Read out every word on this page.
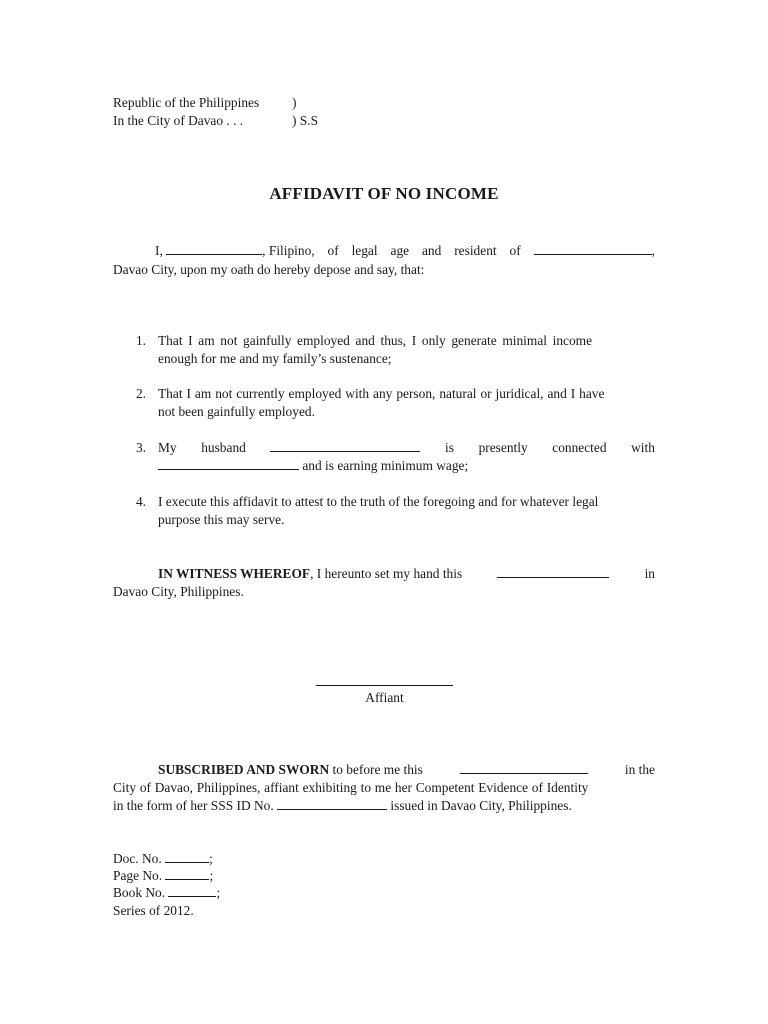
Republic of the Philippines )
In the City of Davao . . .	) S.S
AFFIDAVIT OF NO INCOME
I,	, Filipino, of legal age and resident of	,
Davao City, upon my oath do hereby depose and say, that:
1. That I am not gainfully employed and thus, I only generate minimal income
enough for me and my family’s sustenance;
2. That I am not currently employed with any person, natural or juridical, and I have
not been gainfully employed.
3. My husband	is presently connected with
and is earning minimum wage;
4. I execute this affidavit to attest to the truth of the foregoing and for whatever legal
purpose this may serve.
IN WITNESS WHEREOF, I hereunto set my hand this	in
Davao City, Philippines.
Affiant
SUBSCRIBED AND SWORN to before me this	in the
City of Davao, Philippines, affiant exhibiting to me her Competent Evidence of Identity
in the form of her SSS ID No.	issued in Davao City, Philippines.
Doc. No.	;
Page No.	;
Book No.	;
Series of 2012.
